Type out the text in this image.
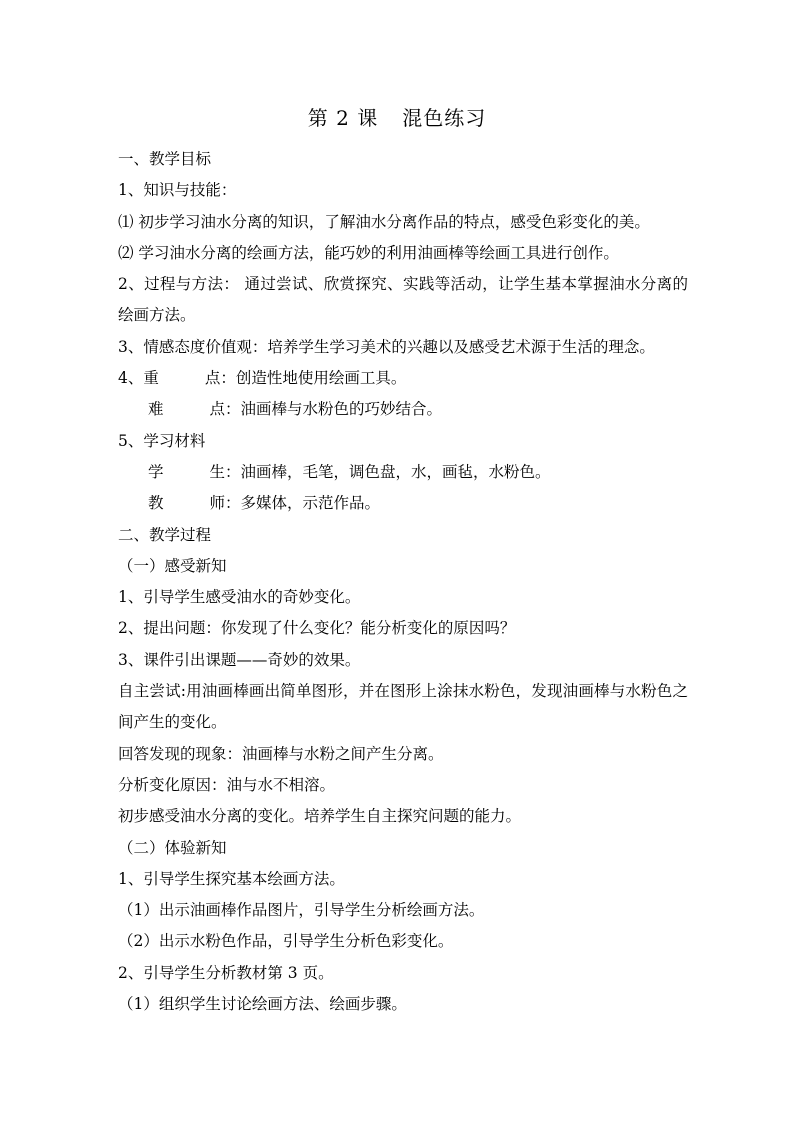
第 2 课 混色练习
一、教学目标
1、知识与技能：
⑴ 初步学习油水分离的知识，了解油水分离作品的特点，感受色彩变化的美。
⑵ 学习油水分离的绘画方法，能巧妙的利用油画棒等绘画工具进行创作。
2、过程与方法： 通过尝试、欣赏探究、实践等活动，让学生基本掌握油水分离的绘画方法。
3、情感态度价值观：培养学生学习美术的兴趣以及感受艺术源于生活的理念。
4、重	点：创造性地使用绘画工具。
难	点：油画棒与水粉色的巧妙结合。
5、学习材料
学	生：油画棒，毛笔，调色盘，水，画毡，水粉色。
教	师：多媒体，示范作品。
二、教学过程
（一）感受新知
1、引导学生感受油水的奇妙变化。
2、提出问题：你发现了什么变化？能分析变化的原因吗？
3、课件引出课题——奇妙的效果。
自主尝试:用油画棒画出简单图形，并在图形上涂抹水粉色，发现油画棒与水粉色之间产生的变化。
回答发现的现象：油画棒与水粉之间产生分离。
分析变化原因：油与水不相溶。
初步感受油水分离的变化。培养学生自主探究问题的能力。
（二）体验新知
1、引导学生探究基本绘画方法。
（1）出示油画棒作品图片，引导学生分析绘画方法。
（2）出示水粉色作品，引导学生分析色彩变化。
2、引导学生分析教材第 3 页。
（1）组织学生讨论绘画方法、绘画步骤。
